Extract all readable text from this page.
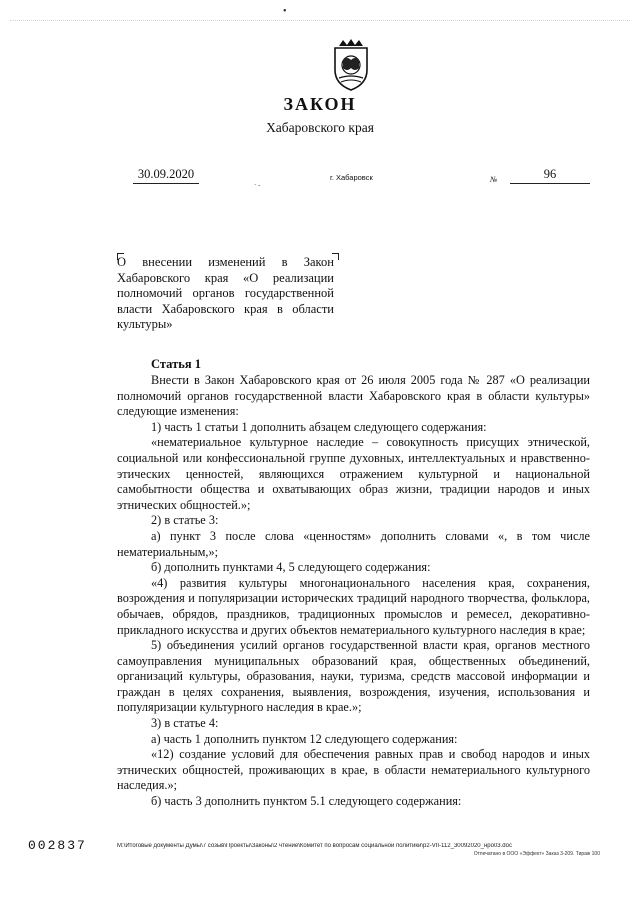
•
ЗАКОН
Хабаровского края
30.09.2020
· -
г. Хабаровск	№	96
О внесении изменений в Закон
Хабаровского края «О реализации
полномочий органов государственной
власти Хабаровского края в области
культуры»
Статья 1

Внести в Закон Хабаровского края от 26 июля 2005 года № 287 «О реализации полномочий органов государственной власти Хабаровского края в области культуры» следующие изменения:

1) часть 1 статьи 1 дополнить абзацем следующего содержания:

«нематериальное культурное наследие – совокупность присущих этнической, социальной или конфессиональной группе духовных, интеллектуальных и нравственно-этических ценностей, являющихся отражением культурной и национальной самобытности общества и охватывающих образ жизни, традиции народов и иных этнических общностей.»;

2) в статье 3:

а) пункт 3 после слова «ценностям» дополнить словами «, в том числе нематериальным,»;

б) дополнить пунктами 4, 5 следующего содержания:

«4) развития культуры многонационального населения края, сохранения, возрождения и популяризации исторических традиций народного творчества, фольклора, обычаев, обрядов, праздников, традиционных промыслов и ремесел, декоративно-прикладного искусства и других объектов нематериального культурного наследия в крае;

5) объединения усилий органов государственной власти края, органов местного самоуправления муниципальных образований края, общественных объединений, организаций культуры, образования, науки, туризма, средств массовой информации и граждан в целях сохранения, выявления, возрождения, изучения, использования и популяризации культурного наследия в крае.»;

3) в статье 4:

а) часть 1 дополнить пунктом 12 следующего содержания:

«12) создание условий для обеспечения равных прав и свобод народов и иных этнических общностей, проживающих в крае, в области нематериального культурного наследия.»;

б) часть 3 дополнить пунктом 5.1 следующего содержания:

002837	М:\Итоговые документы Думы\7 созыв\Проекты\Законы\2 чтение\Комитет по вопросам социальной политики\р2-VII-112_30092020_нро03.doc
Отпечатано в ООО «Эффект» Заказ 3-209. Тираж 100
